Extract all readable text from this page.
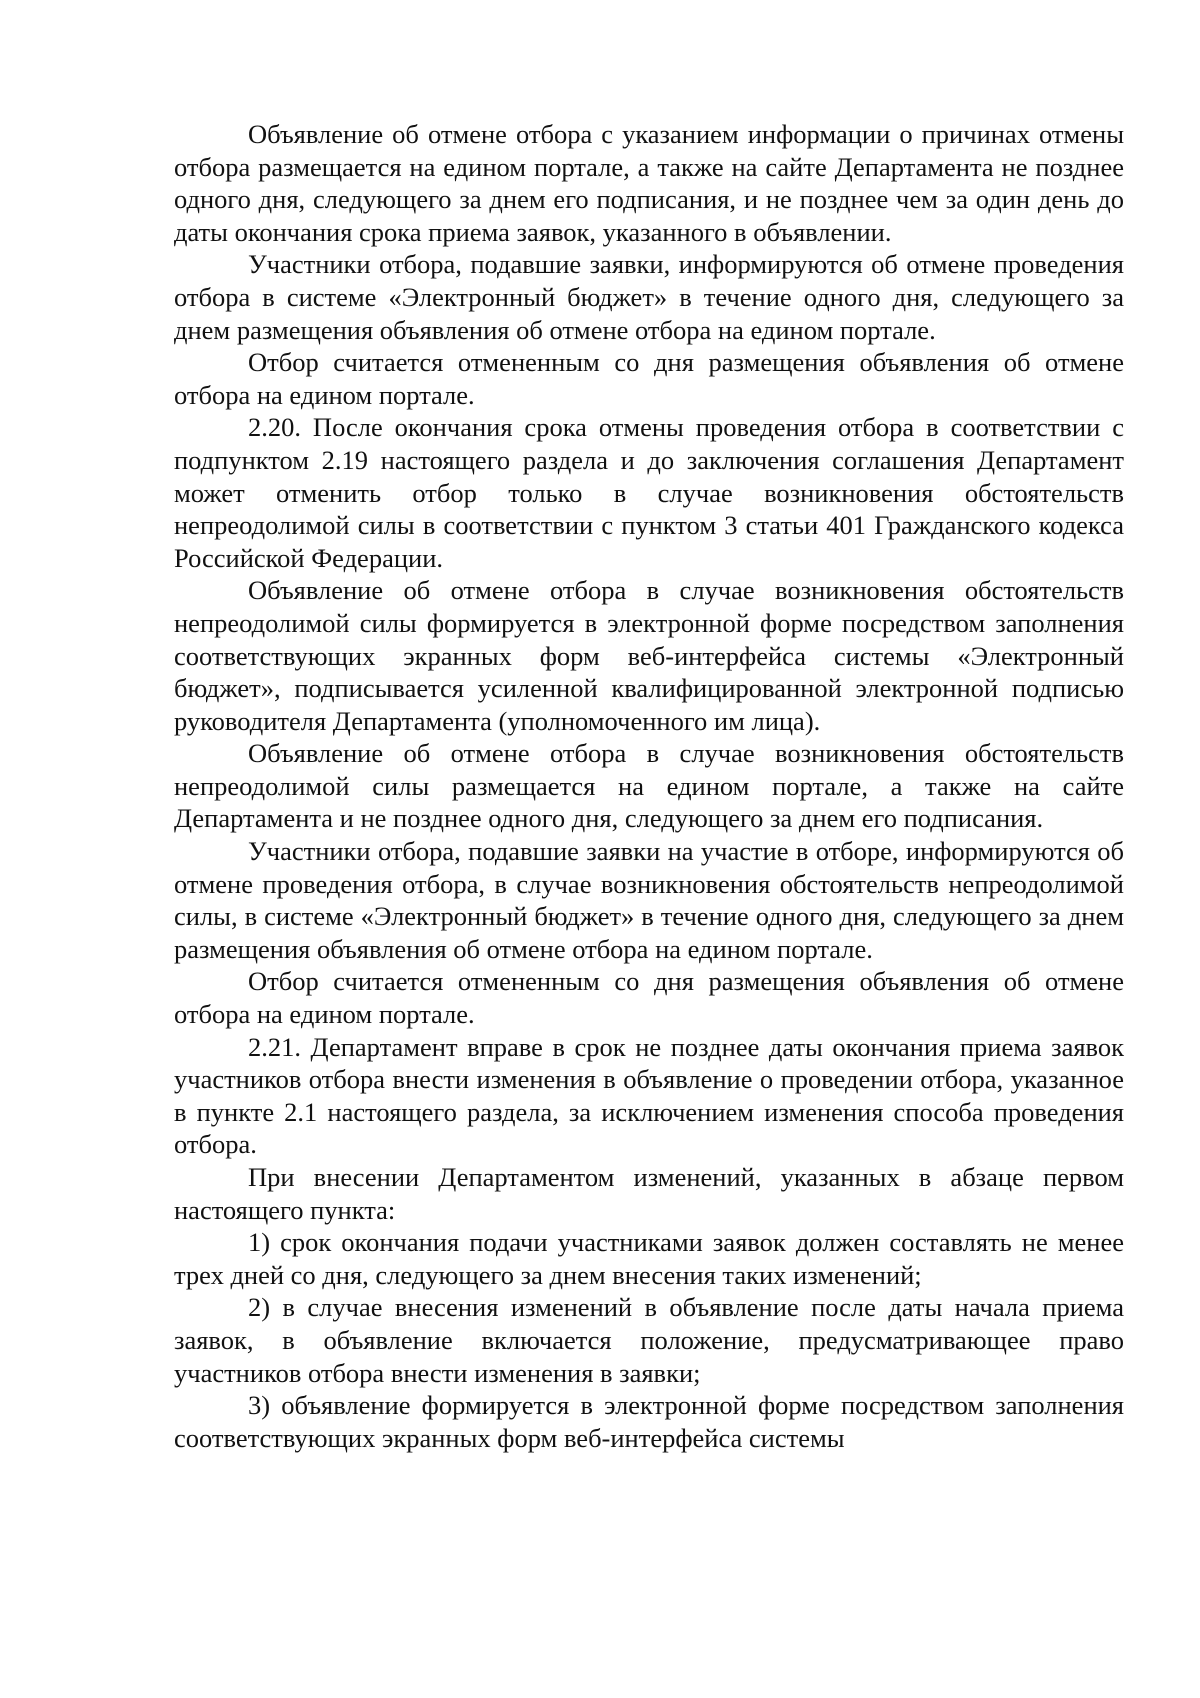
Объявление об отмене отбора с указанием информации о причинах отмены отбора размещается на едином портале, а также на сайте Департамента не позднее одного дня, следующего за днем его подписания, и не позднее чем за один день до даты окончания срока приема заявок, указанного в объявлении.

Участники отбора, подавшие заявки, информируются об отмене проведения отбора в системе «Электронный бюджет» в течение одного дня, следующего за днем размещения объявления об отмене отбора на едином портале.

Отбор считается отмененным со дня размещения объявления об отмене отбора на едином портале.

2.20. После окончания срока отмены проведения отбора в соответствии с подпунктом 2.19 настоящего раздела и до заключения соглашения Департамент может отменить отбор только в случае возникновения обстоятельств непреодолимой силы в соответствии с пунктом 3 статьи 401 Гражданского кодекса Российской Федерации.

Объявление об отмене отбора в случае возникновения обстоятельств непреодолимой силы формируется в электронной форме посредством заполнения соответствующих экранных форм веб-интерфейса системы «Электронный бюджет», подписывается усиленной квалифицированной электронной подписью руководителя Департамента (уполномоченного им лица).

Объявление об отмене отбора в случае возникновения обстоятельств непреодолимой силы размещается на едином портале, а также на сайте Департамента и не позднее одного дня, следующего за днем его подписания.

Участники отбора, подавшие заявки на участие в отборе, информируются об отмене проведения отбора, в случае возникновения обстоятельств непреодолимой силы, в системе «Электронный бюджет» в течение одного дня, следующего за днем размещения объявления об отмене отбора на едином портале.

Отбор считается отмененным со дня размещения объявления об отмене отбора на едином портале.

2.21. Департамент вправе в срок не позднее даты окончания приема заявок участников отбора внести изменения в объявление о проведении отбора, указанное в пункте 2.1 настоящего раздела, за исключением изменения способа проведения отбора.

При внесении Департаментом изменений, указанных в абзаце первом настоящего пункта:

1) срок окончания подачи участниками заявок должен составлять не менее трех дней со дня, следующего за днем внесения таких изменений;

2) в случае внесения изменений в объявление после даты начала приема заявок, в объявление включается положение, предусматривающее право участников отбора внести изменения в заявки;

3) объявление формируется в электронной форме посредством заполнения соответствующих экранных форм веб-интерфейса системы
